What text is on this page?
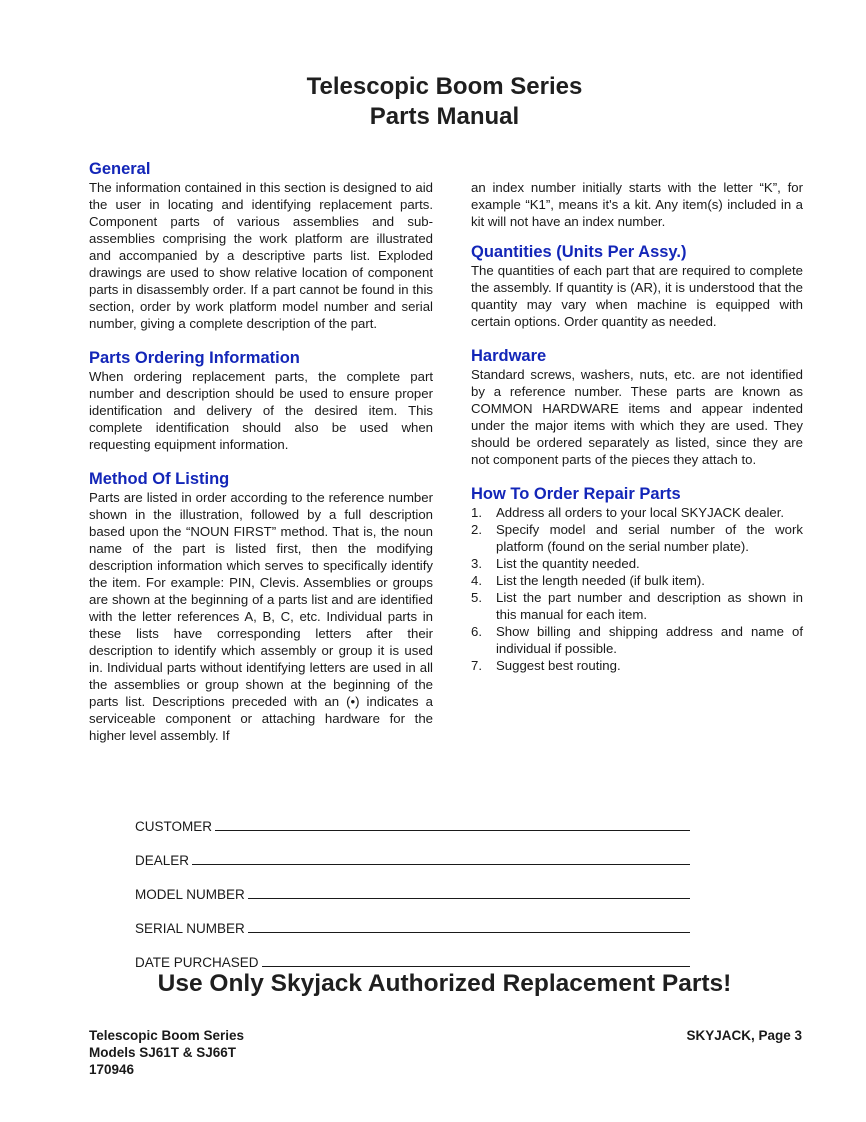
Telescopic Boom Series
Parts Manual

General

The information contained in this section is designed to aid the user in locating and identifying replacement parts. Component parts of various assemblies and sub-assemblies comprising the work platform are illustrated and accompanied by a descriptive parts list. Exploded drawings are used to show relative location of component parts in disassembly order. If a part cannot be found in this section, order by work platform model number and serial number, giving a complete description of the part.

Parts Ordering Information

When ordering replacement parts, the complete part number and description should be used to ensure proper identification and delivery of the desired item. This complete identification should also be used when requesting equipment information.

Method Of Listing

Parts are listed in order according to the reference number shown in the illustration, followed by a full description based upon the “NOUN FIRST” method. That is, the noun name of the part is listed first, then the modifying description information which serves to specifically identify the item. For example: PIN, Clevis. Assemblies or groups are shown at the beginning of a parts list and are identified with the letter references A, B, C, etc. Individual parts in these lists have corresponding letters after their description to identify which assembly or group it is used in. Individual parts without identifying letters are used in all the assemblies or group shown at the beginning of the parts list. Descriptions preceded with an (•) indicates a serviceable component or attaching hardware for the higher level assembly. If

an index number initially starts with the letter “K”, for example “K1”, means it's a kit. Any item(s) included in a kit will not have an index number.

Quantities (Units Per Assy.)

The quantities of each part that are required to complete the assembly. If quantity is (AR), it is understood that the quantity may vary when machine is equipped with certain options. Order quantity as needed.

Hardware

Standard screws, washers, nuts, etc. are not identified by a reference number. These parts are known as COMMON HARDWARE items and appear indented under the major items with which they are used. They should be ordered separately as listed, since they are not component parts of the pieces they attach to.

How To Order Repair Parts

1. Address all orders to your local SKYJACK dealer.
2. Specify model and serial number of the work platform (found on the serial number plate).
3. List the quantity needed.
4. List the length needed (if bulk item).
5. List the part number and description as shown in this manual for each item.
6. Show billing and shipping address and name of individual if possible.
7. Suggest best routing.
CUSTOMER
DEALER
MODEL NUMBER
SERIAL NUMBER
DATE PURCHASED
Use Only Skyjack Authorized Replacement Parts!
Telescopic Boom Series
Models SJ61T & SJ66T
170946
SKYJACK, Page 3
